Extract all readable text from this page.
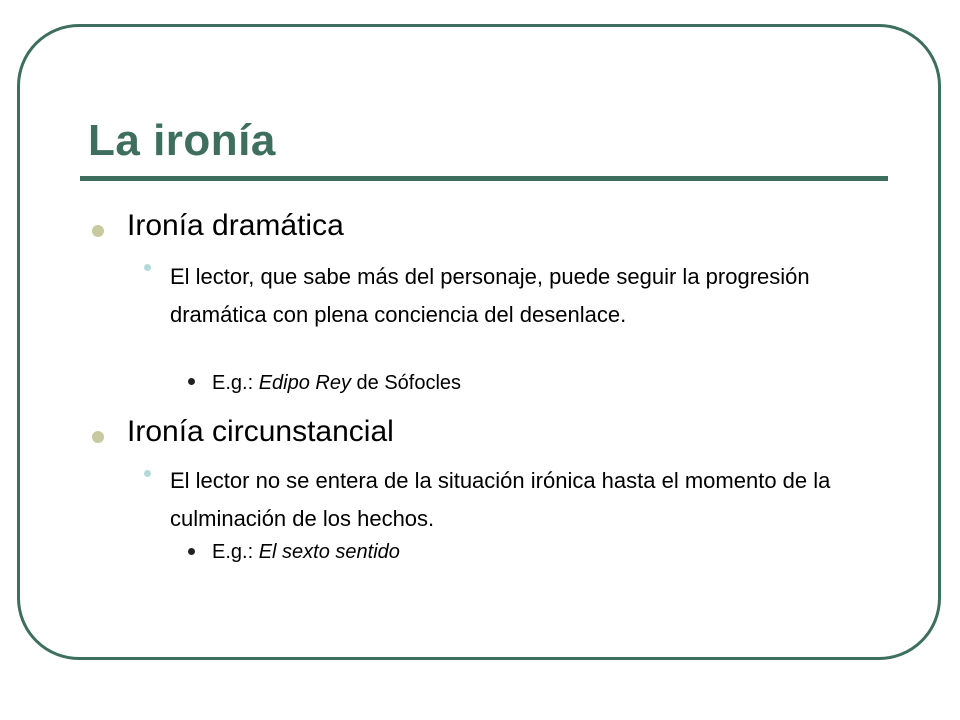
La ironía

Ironía dramática

El lector, que sabe más del personaje, puede seguir la progresión dramática con plena conciencia del desenlace.

E.g.: Edipo Rey de Sófocles

Ironía circunstancial

El lector no se entera de la situación irónica hasta el momento de la culminación de los hechos.

E.g.: El sexto sentido
